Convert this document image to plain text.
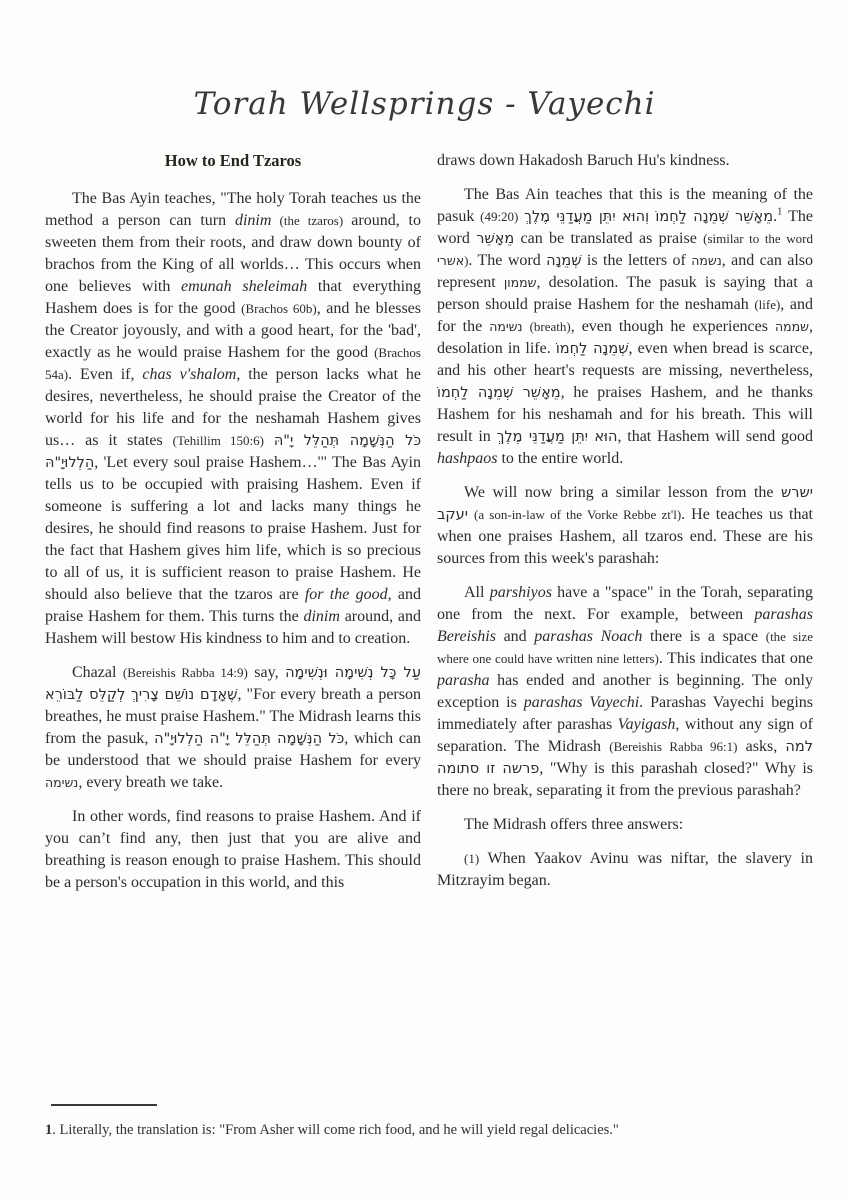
Torah Wellsprings - Vayechi
How to End Tzaros

The Bas Ayin teaches, "The holy Torah teaches us the method a person can turn dinim (the tzaros) around, to sweeten them from their roots, and draw down bounty of brachos from the King of all worlds… This occurs when one believes with emunah sheleimah that everything Hashem does is for the good (Brachos 60b), and he blesses the Creator joyously, and with a good heart, for the 'bad', exactly as he would praise Hashem for the good (Brachos 54a). Even if, chas v'shalom, the person lacks what he desires, nevertheless, he should praise the Creator of the world for his life and for the neshamah Hashem gives us… as it states (Tehillim 150:6) כֹּל הַנְּשָׁמָה תְּהַלֵּל יָ"הּ הַלְלוּיָ"הּ, 'Let every soul praise Hashem…'" The Bas Ayin tells us to be occupied with praising Hashem. Even if someone is suffering a lot and lacks many things he desires, he should find reasons to praise Hashem. Just for the fact that Hashem gives him life, which is so precious to all of us, it is sufficient reason to praise Hashem. He should also believe that the tzaros are for the good, and praise Hashem for them. This turns the dinim around, and Hashem will bestow His kindness to him and to creation.

Chazal (Bereishis Rabba 14:9) say, עַל כָּל נְשִׁימָה וּנְשִׁימָה שֶׁאָדָם נוֹשֵׁם צָרִיךְ לְקַלֵּס לַבּוֹרֵא, "For every breath a person breathes, he must praise Hashem." The Midrash learns this from the pasuk, כֹּל הַנְּשָׁמָה תְּהַלֵּל יָ"ה הַלְלוּיָ"ה, which can be understood that we should praise Hashem for every נשימה, every breath we take.

In other words, find reasons to praise Hashem. And if you can’t find any, then just that you are alive and breathing is reason enough to praise Hashem. This should be a person's occupation in this world, and this

draws down Hakadosh Baruch Hu's kindness.

The Bas Ain teaches that this is the meaning of the pasuk (49:20) מֵאָשֵׁר שְׁמֵנָה לַחְמוֹ וְהוּא יִתֵּן מַעֲדַנֵּי מֶלֶךְ.$^1$ The word מֵאָשֵׁר can be translated as praise (similar to the word אשרי). The word שְׁמֵנָה is the letters of נשמה, and can also represent שממון, desolation. The pasuk is saying that a person should praise Hashem for the neshamah (life), and for the נשימה (breath), even though he experiences שממה, desolation in life. שְׁמֵנָה לַחְמוֹ, even when bread is scarce, and his other heart's requests are missing, nevertheless, מֵאָשֵׁר שְׁמֵנָה לַחְמוֹ, he praises Hashem, and he thanks Hashem for his neshamah and for his breath. This will result in הוּא יִתֵּן מַעֲדַנֵּי מֶלֶךְ, that Hashem will send good hashpaos to the entire world.

We will now bring a similar lesson from the ישרש יעקב (a son-in-law of the Vorke Rebbe zt'l). He teaches us that when one praises Hashem, all tzaros end. These are his sources from this week's parashah:

All parshiyos have a "space" in the Torah, separating one from the next. For example, between parashas Bereishis and parashas Noach there is a space (the size where one could have written nine letters). This indicates that one parasha has ended and another is beginning. The only exception is parashas Vayechi. Parashas Vayechi begins immediately after parashas Vayigash, without any sign of separation. The Midrash (Bereishis Rabba 96:1) asks, למה פרשה זו סתומה, "Why is this parashah closed?" Why is there no break, separating it from the previous parashah?

The Midrash offers three answers:

(1) When Yaakov Avinu was niftar, the slavery in Mitzrayim began.

1. Literally, the translation is: "From Asher will come rich food, and he will yield regal delicacies."
